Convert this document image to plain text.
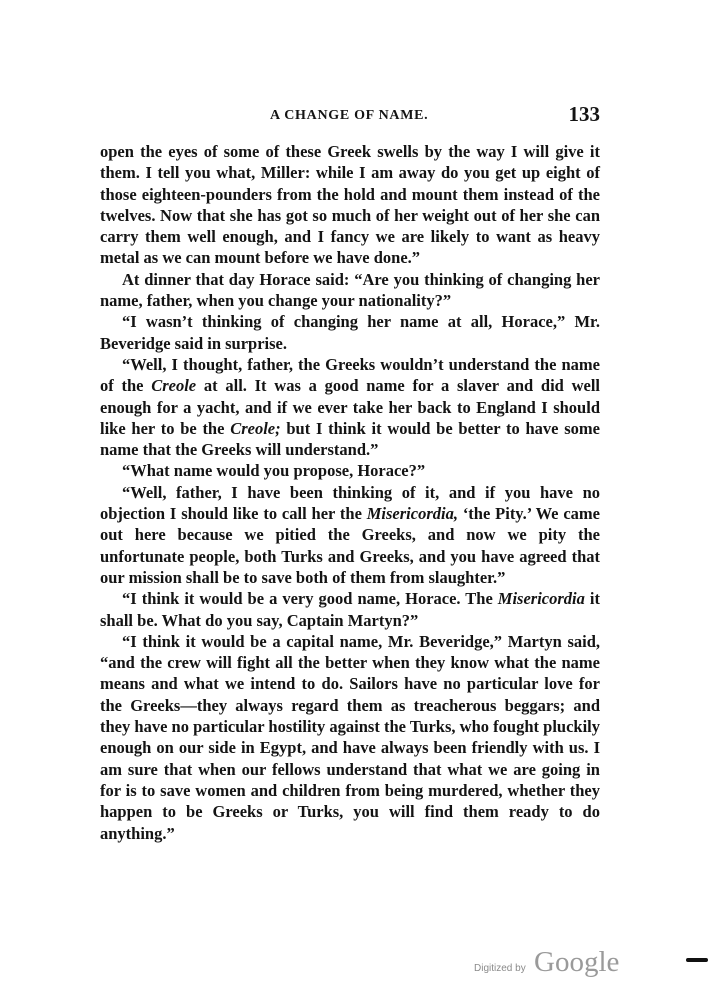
A CHANGE OF NAME.	133

open the eyes of some of these Greek swells by the way I will give it them. I tell you what, Miller: while I am away do you get up eight of those eighteen-pounders from the hold and mount them instead of the twelves. Now that she has got so much of her weight out of her she can carry them well enough, and I fancy we are likely to want as heavy metal as we can mount before we have done.”

At dinner that day Horace said: “Are you thinking of changing her name, father, when you change your nationality?”

“I wasn’t thinking of changing her name at all, Horace,” Mr. Beveridge said in surprise.

“Well, I thought, father, the Greeks wouldn’t understand the name of the Creole at all. It was a good name for a slaver and did well enough for a yacht, and if we ever take her back to England I should like her to be the Creole; but I think it would be better to have some name that the Greeks will understand.”

“What name would you propose, Horace?”

“Well, father, I have been thinking of it, and if you have no objection I should like to call her the Misericordia, ‘the Pity.’ We came out here because we pitied the Greeks, and now we pity the unfortunate people, both Turks and Greeks, and you have agreed that our mission shall be to save both of them from slaughter.”

“I think it would be a very good name, Horace. The Misericordia it shall be. What do you say, Captain Martyn?”

“I think it would be a capital name, Mr. Beveridge,” Martyn said, “and the crew will fight all the better when they know what the name means and what we intend to do. Sailors have no particular love for the Greeks—they always regard them as treacherous beggars; and they have no particular hostility against the Turks, who fought pluckily enough on our side in Egypt, and have always been friendly with us. I am sure that when our fellows understand that what we are going in for is to save women and children from being murdered, whether they happen to be Greeks or Turks, you will find them ready to do anything.”

Digitized by Google
